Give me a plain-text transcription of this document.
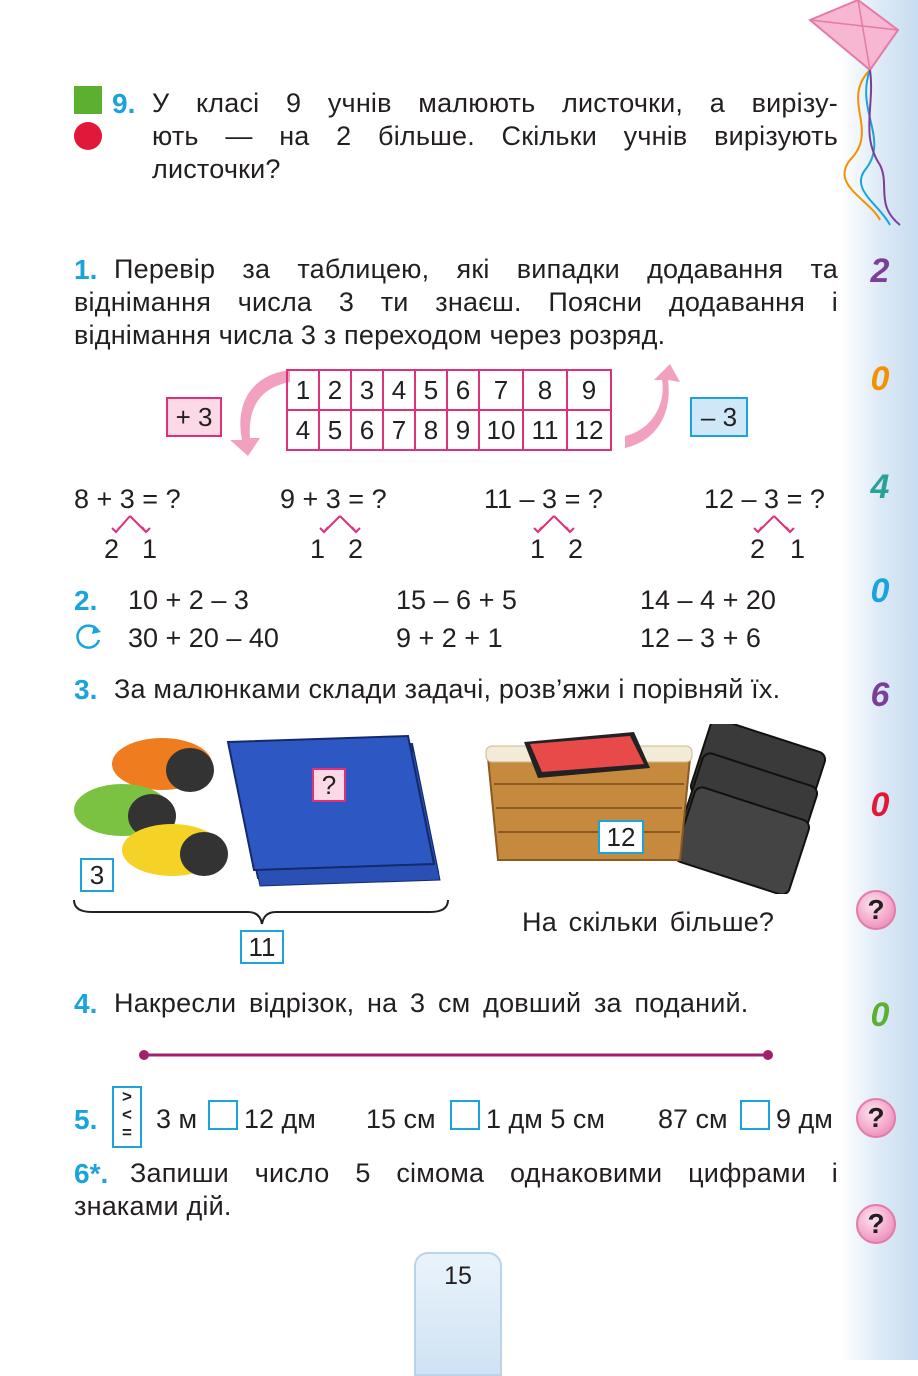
2
0
4
0
6
0
?
0
?
?
9. У класі 9 учнів малюють листочки, а вирізу-
ють — на 2 більше. Скільки учнів вирізують
листочки?
1. Перевір за таблицею, які випадки додавання та
віднімання числа 3 ти знаєш. Поясни додавання і
віднімання числа 3 з переходом через розряд.
+ 3	– 3
1	2	3	4	5	6	7	8	9
4	5	6	7	8	9	10	11	12
8 + 3 = ?	9 + 3 = ?	11 – 3 = ?	12 – 3 = ?
2 1	1 2	1 2	2 1
2. 10 + 2 – 3	15 – 6 + 5	14 – 4 + 20
30 + 20 – 40	9 + 2 + 1	12 – 3 + 6
3. За малюнками склади задачі, розв’яжи і порівняй їх.
?
3
11
12
На скільки більше?
4. Накресли відрізок, на 3 см довший за поданий.
5.
>
<
= 3 м 12 дм 15 см 1 дм 5 см 87 см 9 дм
6*. Запиши число 5 сімома однаковими цифрами і
знаками дій.
15
